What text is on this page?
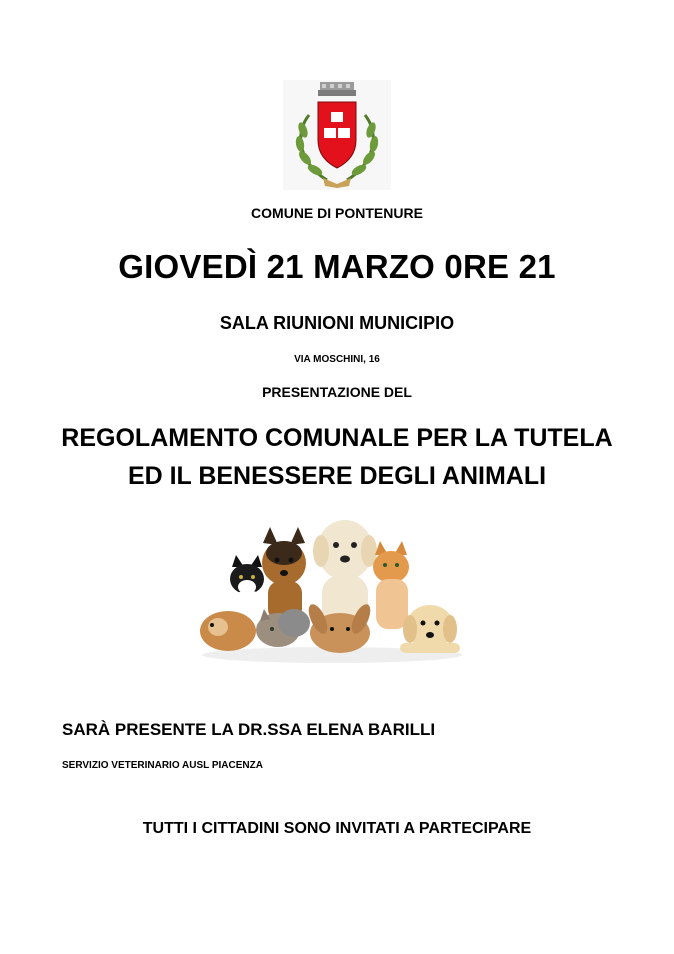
COMUNE DI PONTENURE
GIOVEDÌ 21 MARZO 0RE 21
SALA RIUNIONI MUNICIPIO
VIA MOSCHINI, 16
PRESENTAZIONE DEL
REGOLAMENTO COMUNALE PER LA TUTELA
ED IL BENESSERE DEGLI ANIMALI
SARÀ PRESENTE LA DR.SSA ELENA BARILLI
SERVIZIO VETERINARIO AUSL PIACENZA
TUTTI I CITTADINI SONO INVITATI A PARTECIPARE
